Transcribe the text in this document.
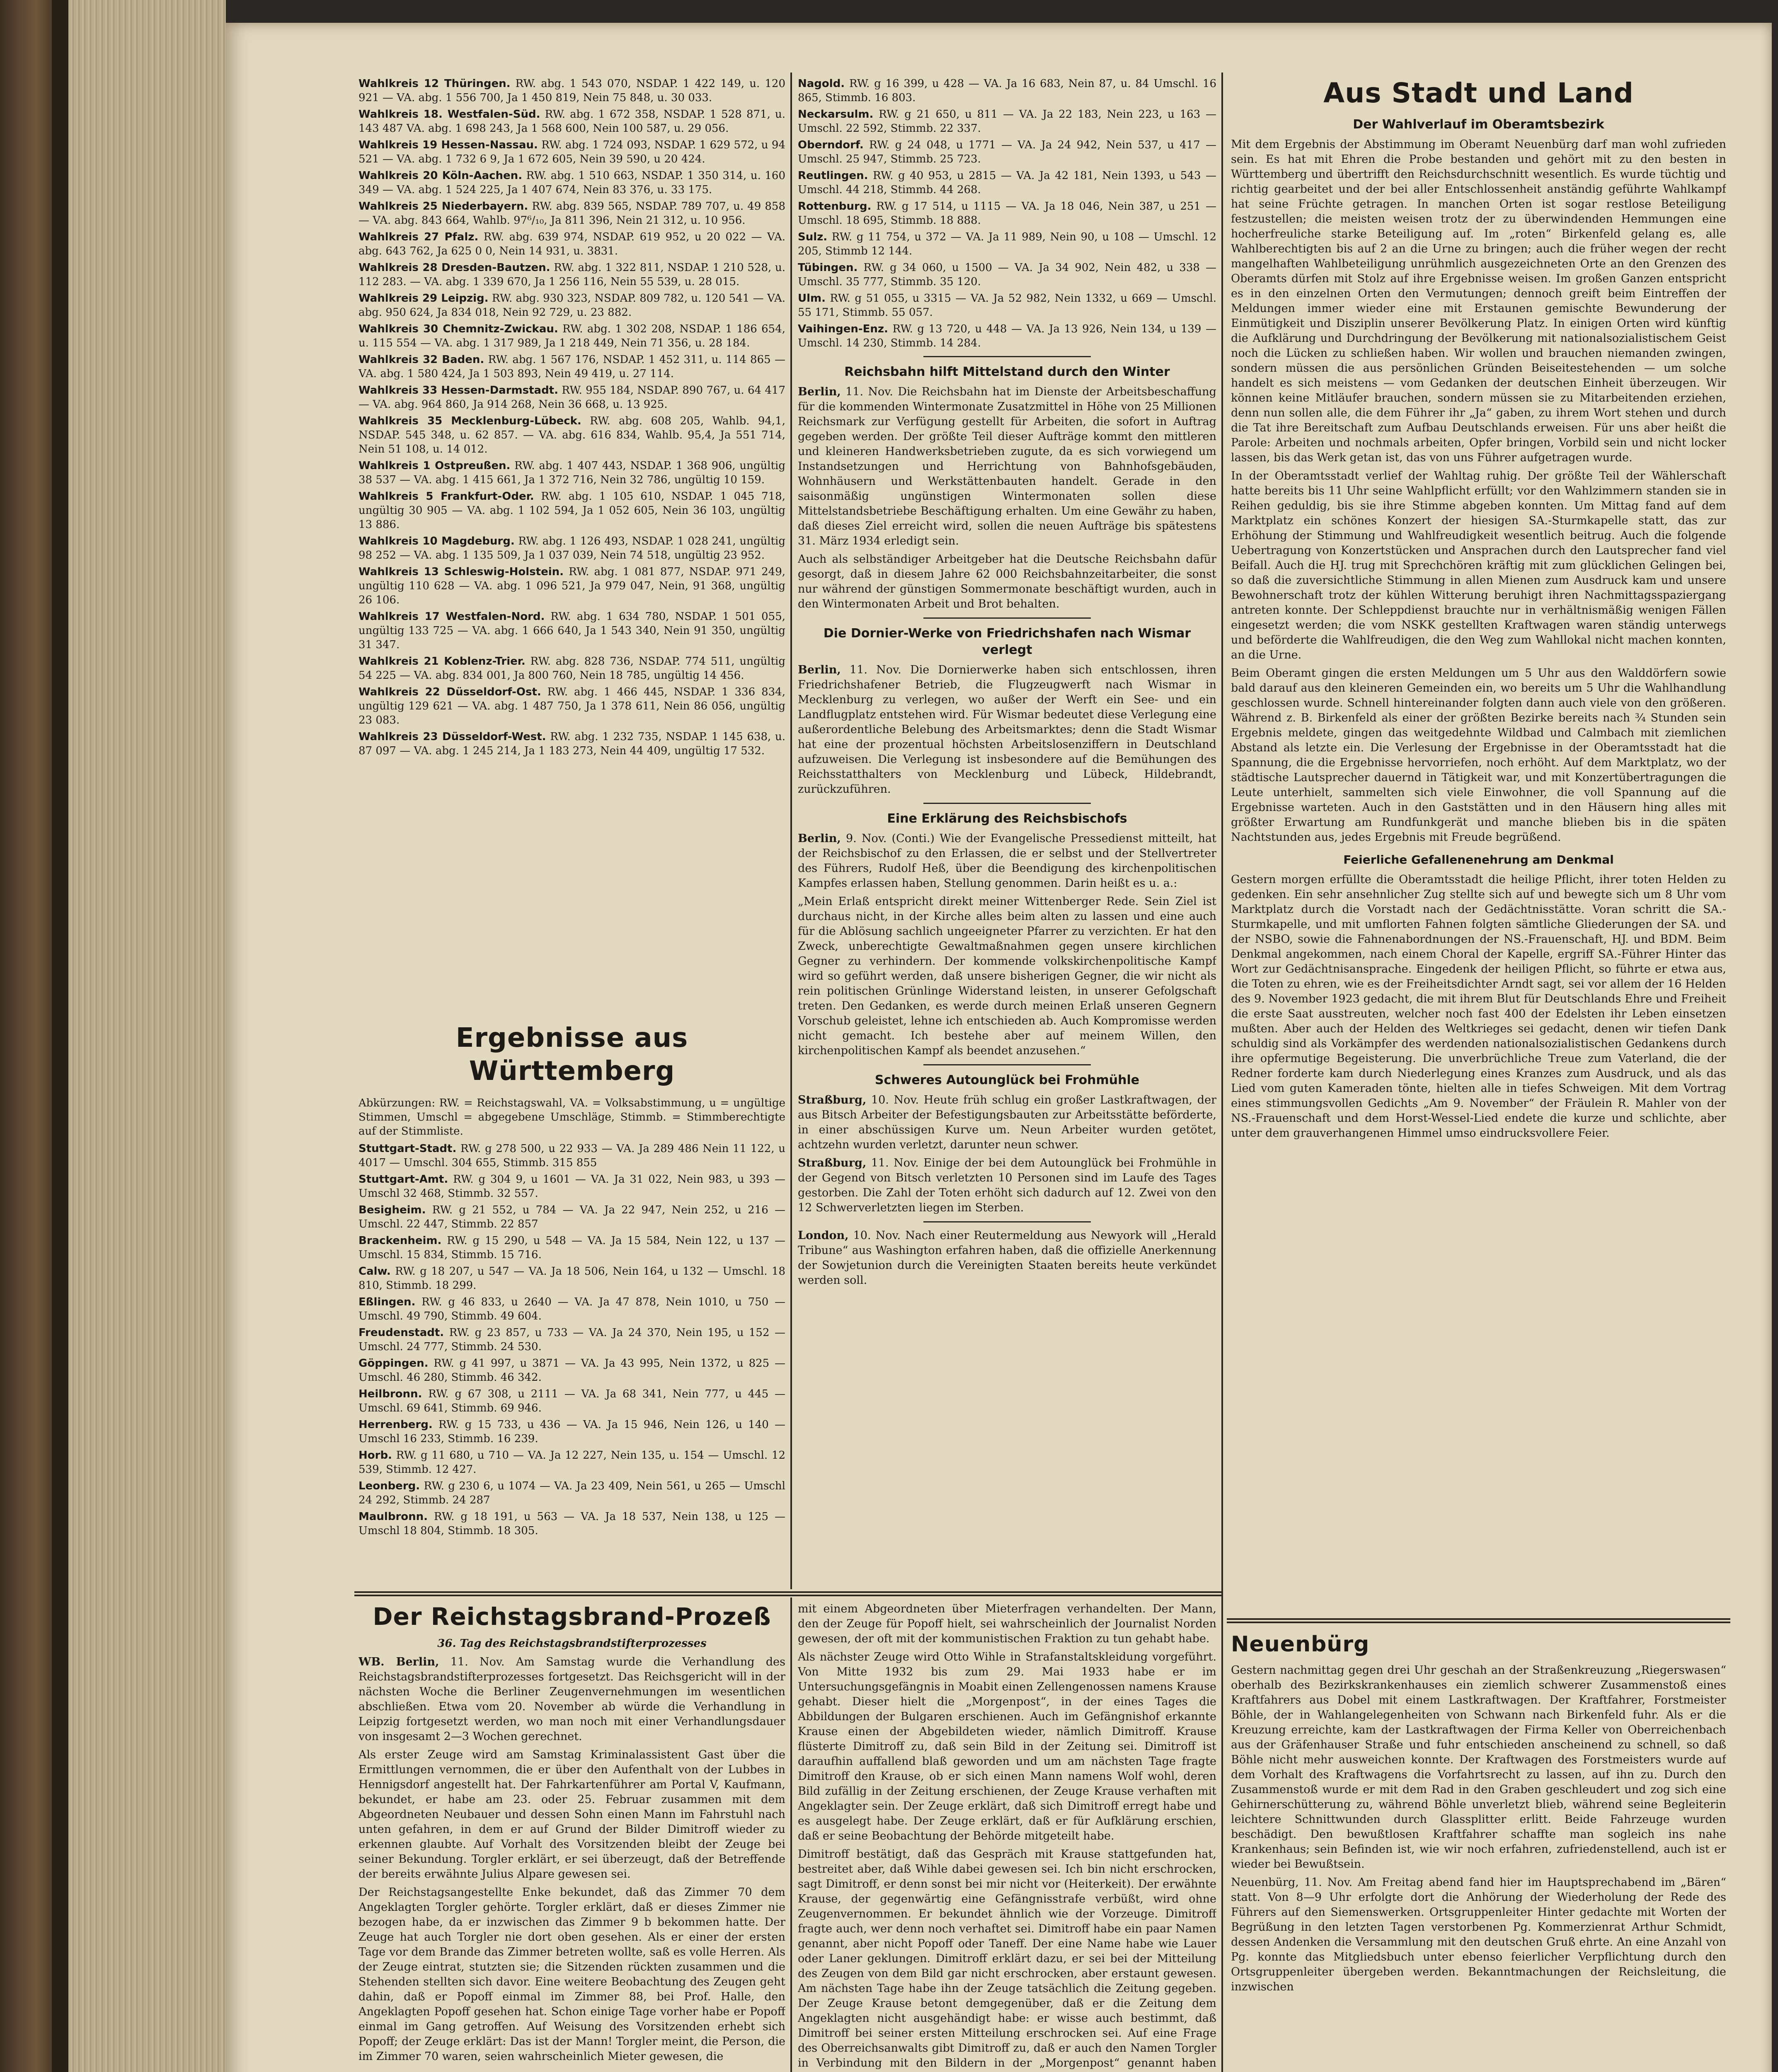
Wahlkreis 12 Thüringen. RW. abg. 1 543 070, NSDAP. 1 422 149, u. 120 921 — VA. abg. 1 556 700, Ja 1 450 819, Nein 75 848, u. 30 033.

Wahlkreis 18. Westfalen-Süd. RW. abg. 1 672 358, NSDAP. 1 528 871, u. 143 487 VA. abg. 1 698 243, Ja 1 568 600, Nein 100 587, u. 29 056.

Wahlkreis 19 Hessen-Nassau. RW. abg. 1 724 093, NSDAP. 1 629 572, u 94 521 — VA. abg. 1 732 6 9, Ja 1 672 605, Nein 39 590, u 20 424.

Wahlkreis 20 Köln-Aachen. RW. abg. 1 510 663, NSDAP. 1 350 314, u. 160 349 — VA. abg. 1 524 225, Ja 1 407 674, Nein 83 376, u. 33 175.

Wahlkreis 25 Niederbayern. RW. abg. 839 565, NSDAP. 789 707, u. 49 858 — VA. abg. 843 664, Wahlb. 97⁶/₁₀, Ja 811 396, Nein 21 312, u. 10 956.

Wahlkreis 27 Pfalz. RW. abg. 639 974, NSDAP. 619 952, u 20 022 — VA. abg. 643 762, Ja 625 0 0, Nein 14 931, u. 3831.

Wahlkreis 28 Dresden-Bautzen. RW. abg. 1 322 811, NSDAP. 1 210 528, u. 112 283. — VA. abg. 1 339 670, Ja 1 256 116, Nein 55 539, u. 28 015.

Wahlkreis 29 Leipzig. RW. abg. 930 323, NSDAP. 809 782, u. 120 541 — VA. abg. 950 624, Ja 834 018, Nein 92 729, u. 23 882.

Wahlkreis 30 Chemnitz-Zwickau. RW. abg. 1 302 208, NSDAP. 1 186 654, u. 115 554 — VA. abg. 1 317 989, Ja 1 218 449, Nein 71 356, u. 28 184.

Wahlkreis 32 Baden. RW. abg. 1 567 176, NSDAP. 1 452 311, u. 114 865 — VA. abg. 1 580 424, Ja 1 503 893, Nein 49 419, u. 27 114.

Wahlkreis 33 Hessen-Darmstadt. RW. 955 184, NSDAP. 890 767, u. 64 417 — VA. abg. 964 860, Ja 914 268, Nein 36 668, u. 13 925.

Wahlkreis 35 Mecklenburg-Lübeck. RW. abg. 608 205, Wahlb. 94,1, NSDAP. 545 348, u. 62 857. — VA. abg. 616 834, Wahlb. 95,4, Ja 551 714, Nein 51 108, u. 14 012.

Wahlkreis 1 Ostpreußen. RW. abg. 1 407 443, NSDAP. 1 368 906, ungültig 38 537 — VA. abg. 1 415 661, Ja 1 372 716, Nein 32 786, ungültig 10 159.

Wahlkreis 5 Frankfurt-Oder. RW. abg. 1 105 610, NSDAP. 1 045 718, ungültig 30 905 — VA. abg. 1 102 594, Ja 1 052 605, Nein 36 103, ungültig 13 886.

Wahlkreis 10 Magdeburg. RW. abg. 1 126 493, NSDAP. 1 028 241, ungültig 98 252 — VA. abg. 1 135 509, Ja 1 037 039, Nein 74 518, ungültig 23 952.

Wahlkreis 13 Schleswig-Holstein. RW. abg. 1 081 877, NSDAP. 971 249, ungültig 110 628 — VA. abg. 1 096 521, Ja 979 047, Nein, 91 368, ungültig 26 106.

Wahlkreis 17 Westfalen-Nord. RW. abg. 1 634 780, NSDAP. 1 501 055, ungültig 133 725 — VA. abg. 1 666 640, Ja 1 543 340, Nein 91 350, ungültig 31 347.

Wahlkreis 21 Koblenz-Trier. RW. abg. 828 736, NSDAP. 774 511, ungültig 54 225 — VA. abg. 834 001, Ja 800 760, Nein 18 785, ungültig 14 456.

Wahlkreis 22 Düsseldorf-Ost. RW. abg. 1 466 445, NSDAP. 1 336 834, ungültig 129 621 — VA. abg. 1 487 750, Ja 1 378 611, Nein 86 056, ungültig 23 083.

Wahlkreis 23 Düsseldorf-West. RW. abg. 1 232 735, NSDAP. 1 145 638, u. 87 097 — VA. abg. 1 245 214, Ja 1 183 273, Nein 44 409, ungültig 17 532.

Ergebnisse aus Württemberg

Abkürzungen: RW. = Reichstagswahl, VA. = Volksabstimmung, u = ungültige Stimmen, Umschl = abgegebene Umschläge, Stimmb. = Stimmberechtigte auf der Stimmliste.

Stuttgart-Stadt. RW. g 278 500, u 22 933 — VA. Ja 289 486 Nein 11 122, u 4017 — Umschl. 304 655, Stimmb. 315 855

Stuttgart-Amt. RW. g 304 9, u 1601 — VA. Ja 31 022, Nein 983, u 393 — Umschl 32 468, Stimmb. 32 557.

Besigheim. RW. g 21 552, u 784 — VA. Ja 22 947, Nein 252, u 216 — Umschl. 22 447, Stimmb. 22 857

Brackenheim. RW. g 15 290, u 548 — VA. Ja 15 584, Nein 122, u 137 — Umschl. 15 834, Stimmb. 15 716.

Calw. RW. g 18 207, u 547 — VA. Ja 18 506, Nein 164, u 132 — Umschl. 18 810, Stimmb. 18 299.

Eßlingen. RW. g 46 833, u 2640 — VA. Ja 47 878, Nein 1010, u 750 — Umschl. 49 790, Stimmb. 49 604.

Freudenstadt. RW. g 23 857, u 733 — VA. Ja 24 370, Nein 195, u 152 — Umschl. 24 777, Stimmb. 24 530.

Göppingen. RW. g 41 997, u 3871 — VA. Ja 43 995, Nein 1372, u 825 — Umschl. 46 280, Stimmb. 46 342.

Heilbronn. RW. g 67 308, u 2111 — VA. Ja 68 341, Nein 777, u 445 — Umschl. 69 641, Stimmb. 69 946.

Herrenberg. RW. g 15 733, u 436 — VA. Ja 15 946, Nein 126, u 140 — Umschl 16 233, Stimmb. 16 239.

Horb. RW. g 11 680, u 710 — VA. Ja 12 227, Nein 135, u. 154 — Umschl. 12 539, Stimmb. 12 427.

Leonberg. RW. g 230 6, u 1074 — VA. Ja 23 409, Nein 561, u 265 — Umschl 24 292, Stimmb. 24 287

Maulbronn. RW. g 18 191, u 563 — VA. Ja 18 537, Nein 138, u 125 — Umschl 18 804, Stimmb. 18 305.

Nagold. RW. g 16 399, u 428 — VA. Ja 16 683, Nein 87, u. 84 Umschl. 16 865, Stimmb. 16 803.

Neckarsulm. RW. g 21 650, u 811 — VA. Ja 22 183, Nein 223, u 163 — Umschl. 22 592, Stimmb. 22 337.

Oberndorf. RW. g 24 048, u 1771 — VA. Ja 24 942, Nein 537, u 417 — Umschl. 25 947, Stimmb. 25 723.

Reutlingen. RW. g 40 953, u 2815 — VA. Ja 42 181, Nein 1393, u 543 — Umschl. 44 218, Stimmb. 44 268.

Rottenburg. RW. g 17 514, u 1115 — VA. Ja 18 046, Nein 387, u 251 — Umschl. 18 695, Stimmb. 18 888.

Sulz. RW. g 11 754, u 372 — VA. Ja 11 989, Nein 90, u 108 — Umschl. 12 205, Stimmb 12 144.

Tübingen. RW. g 34 060, u 1500 — VA. Ja 34 902, Nein 482, u 338 — Umschl. 35 777, Stimmb. 35 120.

Ulm. RW. g 51 055, u 3315 — VA. Ja 52 982, Nein 1332, u 669 — Umschl. 55 171, Stimmb. 55 057.

Vaihingen-Enz. RW. g 13 720, u 448 — VA. Ja 13 926, Nein 134, u 139 — Umschl. 14 230, Stimmb. 14 284.

Reichsbahn hilft Mittelstand durch den Winter

Berlin, 11. Nov. Die Reichsbahn hat im Dienste der Arbeitsbeschaffung für die kommenden Wintermonate Zusatzmittel in Höhe von 25 Millionen Reichsmark zur Verfügung gestellt für Arbeiten, die sofort in Auftrag gegeben werden. Der größte Teil dieser Aufträge kommt den mittleren und kleineren Handwerksbetrieben zugute, da es sich vorwiegend um Instandsetzungen und Herrichtung von Bahnhofsgebäuden, Wohnhäusern und Werkstättenbauten handelt. Gerade in den saisonmäßig ungünstigen Wintermonaten sollen diese Mittelstandsbetriebe Beschäftigung erhalten. Um eine Gewähr zu haben, daß dieses Ziel erreicht wird, sollen die neuen Aufträge bis spätestens 31. März 1934 erledigt sein.

Auch als selbständiger Arbeitgeber hat die Deutsche Reichsbahn dafür gesorgt, daß in diesem Jahre 62 000 Reichsbahnzeitarbeiter, die sonst nur während der günstigen Sommermonate beschäftigt wurden, auch in den Wintermonaten Arbeit und Brot behalten.

Die Dornier-Werke von Friedrichshafen nach Wismar verlegt

Berlin, 11. Nov. Die Dornierwerke haben sich entschlossen, ihren Friedrichshafener Betrieb, die Flugzeugwerft nach Wismar in Mecklenburg zu verlegen, wo außer der Werft ein See- und ein Landflugplatz entstehen wird. Für Wismar bedeutet diese Verlegung eine außerordentliche Belebung des Arbeitsmarktes; denn die Stadt Wismar hat eine der prozentual höchsten Arbeitslosenziffern in Deutschland aufzuweisen. Die Verlegung ist insbesondere auf die Bemühungen des Reichsstatthalters von Mecklenburg und Lübeck, Hildebrandt, zurückzuführen.

Eine Erklärung des Reichsbischofs

Berlin, 9. Nov. (Conti.) Wie der Evangelische Pressedienst mitteilt, hat der Reichsbischof zu den Erlassen, die er selbst und der Stellvertreter des Führers, Rudolf Heß, über die Beendigung des kirchenpolitischen Kampfes erlassen haben, Stellung genommen. Darin heißt es u. a.:

„Mein Erlaß entspricht direkt meiner Wittenberger Rede. Sein Ziel ist durchaus nicht, in der Kirche alles beim alten zu lassen und eine auch für die Ablösung sachlich ungeeigneter Pfarrer zu verzichten. Er hat den Zweck, unberechtigte Gewaltmaßnahmen gegen unsere kirchlichen Gegner zu verhindern. Der kommende volkskirchenpolitische Kampf wird so geführt werden, daß unsere bisherigen Gegner, die wir nicht als rein politischen Grünlinge Widerstand leisten, in unserer Gefolgschaft treten. Den Gedanken, es werde durch meinen Erlaß unseren Gegnern Vorschub geleistet, lehne ich entschieden ab. Auch Kompromisse werden nicht gemacht. Ich bestehe aber auf meinem Willen, den kirchenpolitischen Kampf als beendet anzusehen.“

Schweres Autounglück bei Frohmühle

Straßburg, 10. Nov. Heute früh schlug ein großer Lastkraftwagen, der aus Bitsch Arbeiter der Befestigungsbauten zur Arbeitsstätte beförderte, in einer abschüssigen Kurve um. Neun Arbeiter wurden getötet, achtzehn wurden verletzt, darunter neun schwer.

Straßburg, 11. Nov. Einige der bei dem Autounglück bei Frohmühle in der Gegend von Bitsch verletzten 10 Personen sind im Laufe des Tages gestorben. Die Zahl der Toten erhöht sich dadurch auf 12. Zwei von den 12 Schwerverletzten liegen im Sterben.

London, 10. Nov. Nach einer Reutermeldung aus Newyork will „Herald Tribune“ aus Washington erfahren haben, daß die offizielle Anerkennung der Sowjetunion durch die Vereinigten Staaten bereits heute verkündet werden soll.

Aus Stadt und Land
Der Wahlverlauf im Oberamtsbezirk

Mit dem Ergebnis der Abstimmung im Oberamt Neuenbürg darf man wohl zufrieden sein. Es hat mit Ehren die Probe bestanden und gehört mit zu den besten in Württemberg und übertrifft den Reichsdurchschnitt wesentlich. Es wurde tüchtig und richtig gearbeitet und der bei aller Entschlossenheit anständig geführte Wahlkampf hat seine Früchte getragen. In manchen Orten ist sogar restlose Beteiligung festzustellen; die meisten weisen trotz der zu überwindenden Hemmungen eine hocherfreuliche starke Beteiligung auf. Im „roten“ Birkenfeld gelang es, alle Wahlberechtigten bis auf 2 an die Urne zu bringen; auch die früher wegen der recht mangelhaften Wahlbeteiligung unrühmlich ausgezeichneten Orte an den Grenzen des Oberamts dürfen mit Stolz auf ihre Ergebnisse weisen. Im großen Ganzen entspricht es in den einzelnen Orten den Vermutungen; dennoch greift beim Eintreffen der Meldungen immer wieder eine mit Erstaunen gemischte Bewunderung der Einmütigkeit und Disziplin unserer Bevölkerung Platz. In einigen Orten wird künftig die Aufklärung und Durchdringung der Bevölkerung mit nationalsozialistischem Geist noch die Lücken zu schließen haben. Wir wollen und brauchen niemanden zwingen, sondern müssen die aus persönlichen Gründen Beiseitestehenden — um solche handelt es sich meistens — vom Gedanken der deutschen Einheit überzeugen. Wir können keine Mitläufer brauchen, sondern müssen sie zu Mitarbeitenden erziehen, denn nun sollen alle, die dem Führer ihr „Ja“ gaben, zu ihrem Wort stehen und durch die Tat ihre Bereitschaft zum Aufbau Deutschlands erweisen. Für uns aber heißt die Parole: Arbeiten und nochmals arbeiten, Opfer bringen, Vorbild sein und nicht locker lassen, bis das Werk getan ist, das von uns Führer aufgetragen wurde.

In der Oberamtsstadt verlief der Wahltag ruhig. Der größte Teil der Wählerschaft hatte bereits bis 11 Uhr seine Wahlpflicht erfüllt; vor den Wahlzimmern standen sie in Reihen geduldig, bis sie ihre Stimme abgeben konnten. Um Mittag fand auf dem Marktplatz ein schönes Konzert der hiesigen SA.-Sturmkapelle statt, das zur Erhöhung der Stimmung und Wahlfreudigkeit wesentlich beitrug. Auch die folgende Uebertragung von Konzertstücken und Ansprachen durch den Lautsprecher fand viel Beifall. Auch die HJ. trug mit Sprechchören kräftig mit zum glücklichen Gelingen bei, so daß die zuversichtliche Stimmung in allen Mienen zum Ausdruck kam und unsere Bewohnerschaft trotz der kühlen Witterung beruhigt ihren Nachmittagsspaziergang antreten konnte. Der Schleppdienst brauchte nur in verhältnismäßig wenigen Fällen eingesetzt werden; die vom NSKK gestellten Kraftwagen waren ständig unterwegs und beförderte die Wahlfreudigen, die den Weg zum Wahllokal nicht machen konnten, an die Urne.

Beim Oberamt gingen die ersten Meldungen um 5 Uhr aus den Walddörfern sowie bald darauf aus den kleineren Gemeinden ein, wo bereits um 5 Uhr die Wahlhandlung geschlossen wurde. Schnell hintereinander folgten dann auch viele von den größeren. Während z. B. Birkenfeld als einer der größten Bezirke bereits nach ¾ Stunden sein Ergebnis meldete, gingen das weitgedehnte Wildbad und Calmbach mit ziemlichen Abstand als letzte ein. Die Verlesung der Ergebnisse in der Oberamtsstadt hat die Spannung, die die Ergebnisse hervorriefen, noch erhöht. Auf dem Marktplatz, wo der städtische Lautsprecher dauernd in Tätigkeit war, und mit Konzertübertragungen die Leute unterhielt, sammelten sich viele Einwohner, die voll Spannung auf die Ergebnisse warteten. Auch in den Gaststätten und in den Häusern hing alles mit größter Erwartung am Rundfunkgerät und manche blieben bis in die späten Nachtstunden aus, jedes Ergebnis mit Freude begrüßend.

Feierliche Gefallenenehrung am Denkmal

Gestern morgen erfüllte die Oberamtsstadt die heilige Pflicht, ihrer toten Helden zu gedenken. Ein sehr ansehnlicher Zug stellte sich auf und bewegte sich um 8 Uhr vom Marktplatz durch die Vorstadt nach der Gedächtnisstätte. Voran schritt die SA.-Sturmkapelle, und mit umflorten Fahnen folgten sämtliche Gliederungen der SA. und der NSBO, sowie die Fahnenabordnungen der NS.-Frauenschaft, HJ. und BDM. Beim Denkmal angekommen, nach einem Choral der Kapelle, ergriff SA.-Führer Hinter das Wort zur Gedächtnisansprache. Eingedenk der heiligen Pflicht, so führte er etwa aus, die Toten zu ehren, wie es der Freiheitsdichter Arndt sagt, sei vor allem der 16 Helden des 9. November 1923 gedacht, die mit ihrem Blut für Deutschlands Ehre und Freiheit die erste Saat ausstreuten, welcher noch fast 400 der Edelsten ihr Leben einsetzen mußten. Aber auch der Helden des Weltkrieges sei gedacht, denen wir tiefen Dank schuldig sind als Vorkämpfer des werdenden nationalsozialistischen Gedankens durch ihre opfermutige Begeisterung. Die unverbrüchliche Treue zum Vaterland, die der Redner forderte kam durch Niederlegung eines Kranzes zum Ausdruck, und als das Lied vom guten Kameraden tönte, hielten alle in tiefes Schweigen. Mit dem Vortrag eines stimmungsvollen Gedichts „Am 9. November“ der Fräulein R. Mahler von der NS.-Frauenschaft und dem Horst-Wessel-Lied endete die kurze und schlichte, aber unter dem grauverhangenen Himmel umso eindrucksvollere Feier.

Neuenbürg

Gestern nachmittag gegen drei Uhr geschah an der Straßenkreuzung „Riegerswasen“ oberhalb des Bezirkskrankenhauses ein ziemlich schwerer Zusammenstoß eines Kraftfahrers aus Dobel mit einem Lastkraftwagen. Der Kraftfahrer, Forstmeister Böhle, der in Wahlangelegenheiten von Schwann nach Birkenfeld fuhr. Als er die Kreuzung erreichte, kam der Lastkraftwagen der Firma Keller von Oberreichenbach aus der Gräfenhauser Straße und fuhr entschieden anscheinend zu schnell, so daß Böhle nicht mehr ausweichen konnte. Der Kraftwagen des Forstmeisters wurde auf dem Vorhalt des Kraftwagens die Vorfahrtsrecht zu lassen, auf ihn zu. Durch den Zusammenstoß wurde er mit dem Rad in den Graben geschleudert und zog sich eine Gehirnerschütterung zu, während Böhle unverletzt blieb, während seine Begleiterin leichtere Schnittwunden durch Glassplitter erlitt. Beide Fahrzeuge wurden beschädigt. Den bewußtlosen Kraftfahrer schaffte man sogleich ins nahe Krankenhaus; sein Befinden ist, wie wir noch erfahren, zufriedenstellend, auch ist er wieder bei Bewußtsein.

Neuenbürg, 11. Nov. Am Freitag abend fand hier im Hauptsprechabend im „Bären“ statt. Von 8—9 Uhr erfolgte dort die Anhörung der Wiederholung der Rede des Führers auf den Siemenswerken. Ortsgruppenleiter Hinter gedachte mit Worten der Begrüßung in den letzten Tagen verstorbenen Pg. Kommerzienrat Arthur Schmidt, dessen Andenken die Versammlung mit den deutschen Gruß ehrte. An eine Anzahl von Pg. konnte das Mitgliedsbuch unter ebenso feierlicher Verpflichtung durch den Ortsgruppenleiter übergeben werden. Bekanntmachungen der Reichsleitung, die inzwischen

Der Reichstagsbrand-Prozeß
36. Tag des Reichstagsbrandstifterprozesses

WB. Berlin, 11. Nov. Am Samstag wurde die Verhandlung des Reichstagsbrandstifterprozesses fortgesetzt. Das Reichsgericht will in der nächsten Woche die Berliner Zeugenvernehmungen im wesentlichen abschließen. Etwa vom 20. November ab würde die Verhandlung in Leipzig fortgesetzt werden, wo man noch mit einer Verhandlungsdauer von insgesamt 2—3 Wochen gerechnet.

Als erster Zeuge wird am Samstag Kriminalassistent Gast über die Ermittlungen vernommen, die er über den Aufenthalt von der Lubbes in Hennigsdorf angestellt hat. Der Fahrkartenführer am Portal V, Kaufmann, bekundet, er habe am 23. oder 25. Februar zusammen mit dem Abgeordneten Neubauer und dessen Sohn einen Mann im Fahrstuhl nach unten gefahren, in dem er auf Grund der Bilder Dimitroff wieder zu erkennen glaubte. Auf Vorhalt des Vorsitzenden bleibt der Zeuge bei seiner Bekundung. Torgler erklärt, er sei überzeugt, daß der Betreffende der bereits erwähnte Julius Alpare gewesen sei.

Der Reichstagsangestellte Enke bekundet, daß das Zimmer 70 dem Angeklagten Torgler gehörte. Torgler erklärt, daß er dieses Zimmer nie bezogen habe, da er inzwischen das Zimmer 9 b bekommen hatte. Der Zeuge hat auch Torgler nie dort oben gesehen. Als er einer der ersten Tage vor dem Brande das Zimmer betreten wollte, saß es volle Herren. Als der Zeuge eintrat, stutzten sie; die Sitzenden rückten zusammen und die Stehenden stellten sich davor. Eine weitere Beobachtung des Zeugen geht dahin, daß er Popoff einmal im Zimmer 88, bei Prof. Halle, den Angeklagten Popoff gesehen hat. Schon einige Tage vorher habe er Popoff einmal im Gang getroffen. Auf Weisung des Vorsitzenden erhebt sich Popoff; der Zeuge erklärt: Das ist der Mann! Torgler meint, die Person, die im Zimmer 70 waren, seien wahrscheinlich Mieter gewesen, die

mit einem Abgeordneten über Mieterfragen verhandelten. Der Mann, den der Zeuge für Popoff hielt, sei wahrscheinlich der Journalist Norden gewesen, der oft mit der kommunistischen Fraktion zu tun gehabt habe.

Als nächster Zeuge wird Otto Wihle in Strafanstaltskleidung vorgeführt. Von Mitte 1932 bis zum 29. Mai 1933 habe er im Untersuchungsgefängnis in Moabit einen Zellengenossen namens Krause gehabt. Dieser hielt die „Morgenpost“, in der eines Tages die Abbildungen der Bulgaren erschienen. Auch im Gefängnishof erkannte Krause einen der Abgebildeten wieder, nämlich Dimitroff. Krause flüsterte Dimitroff zu, daß sein Bild in der Zeitung sei. Dimitroff ist daraufhin auffallend blaß geworden und um am nächsten Tage fragte Dimitroff den Krause, ob er sich einen Mann namens Wolf wohl, deren Bild zufällig in der Zeitung erschienen, der Zeuge Krause verhaften mit Angeklagter sein. Der Zeuge erklärt, daß sich Dimitroff erregt habe und es ausgelegt habe. Der Zeuge erklärt, daß er für Aufklärung erschien, daß er seine Beobachtung der Behörde mitgeteilt habe.

Dimitroff bestätigt, daß das Gespräch mit Krause stattgefunden hat, bestreitet aber, daß Wihle dabei gewesen sei. Ich bin nicht erschrocken, sagt Dimitroff, er denn sonst bei mir nicht vor (Heiterkeit). Der erwähnte Krause, der gegenwärtig eine Gefängnisstrafe verbüßt, wird ohne Zeugenvernommen. Er bekundet ähnlich wie der Vorzeuge. Dimitroff fragte auch, wer denn noch verhaftet sei. Dimitroff habe ein paar Namen genannt, aber nicht Popoff oder Taneff. Der eine Name habe wie Lauer oder Laner geklungen. Dimitroff erklärt dazu, er sei bei der Mitteilung des Zeugen von dem Bild gar nicht erschrocken, aber erstaunt gewesen. Am nächsten Tage habe ihn der Zeuge tatsächlich die Zeitung gegeben. Der Zeuge Krause betont demgegenüber, daß er die Zeitung dem Angeklagten nicht ausgehändigt habe: er wisse auch bestimmt, daß Dimitroff bei seiner ersten Mitteilung erschrocken sei. Auf eine Frage des Oberreichsanwalts gibt Dimitroff zu, daß er auch den Namen Torgler in Verbindung mit den Bildern in der „Morgenpost“ genannt haben
